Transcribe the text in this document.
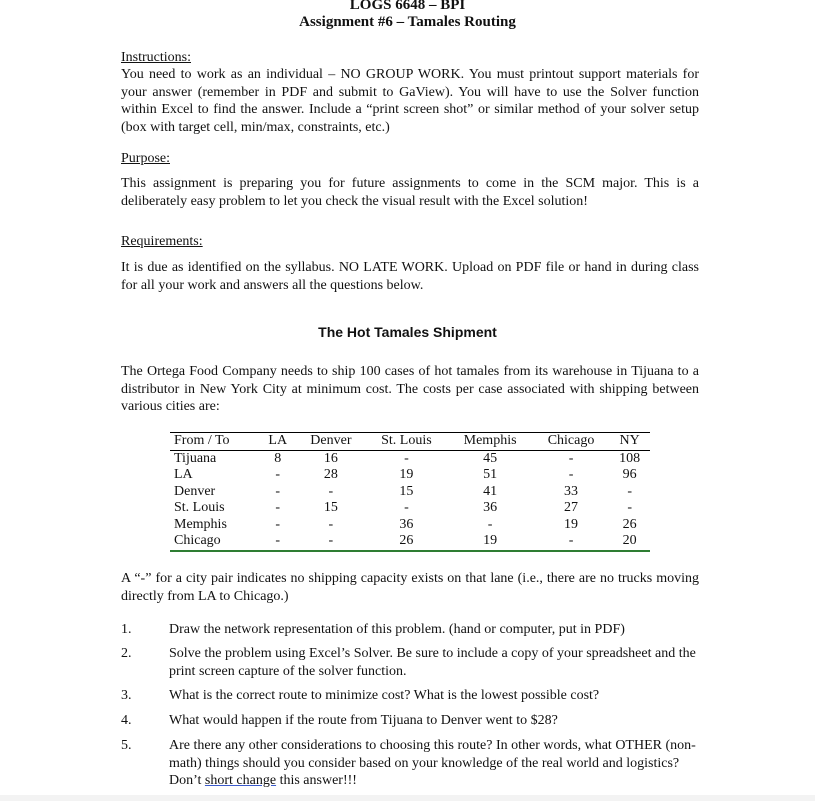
LOGS 6648 – BPI
Assignment #6 – Tamales Routing
Instructions:
You need to work as an individual – NO GROUP WORK. You must printout support materials for your answer (remember in PDF and submit to GaView). You will have to use the Solver function within Excel to find the answer. Include a “print screen shot” or similar method of your solver setup (box with target cell, min/max, constraints, etc.)
Purpose:
This assignment is preparing you for future assignments to come in the SCM major. This is a deliberately easy problem to let you check the visual result with the Excel solution!
Requirements:
It is due as identified on the syllabus. NO LATE WORK. Upload on PDF file or hand in during class for all your work and answers all the questions below.
The Hot Tamales Shipment
The Ortega Food Company needs to ship 100 cases of hot tamales from its warehouse in Tijuana to a distributor in New York City at minimum cost. The costs per case associated with shipping between various cities are:
From / To	LA	Denver	St. Louis	Memphis	Chicago	NY
Tijuana	8	16	-	45	-	108
LA	-	28	19	51	-	96
Denver	-	-	15	41	33	-
St. Louis	-	15	-	36	27	-
Memphis	-	-	36	-	19	26
Chicago	-	-	26	19	-	20
A “-” for a city pair indicates no shipping capacity exists on that lane (i.e., there are no trucks moving directly from LA to Chicago.)
1.	Draw the network representation of this problem. (hand or computer, put in PDF)
2.	Solve the problem using Excel’s Solver. Be sure to include a copy of your spreadsheet and the print screen capture of the solver function.
3.	What is the correct route to minimize cost? What is the lowest possible cost?
4.	What would happen if the route from Tijuana to Denver went to $28?
5.	Are there any other considerations to choosing this route? In other words, what OTHER (non-math) things should you consider based on your knowledge of the real world and logistics? Don’t short change this answer!!!
